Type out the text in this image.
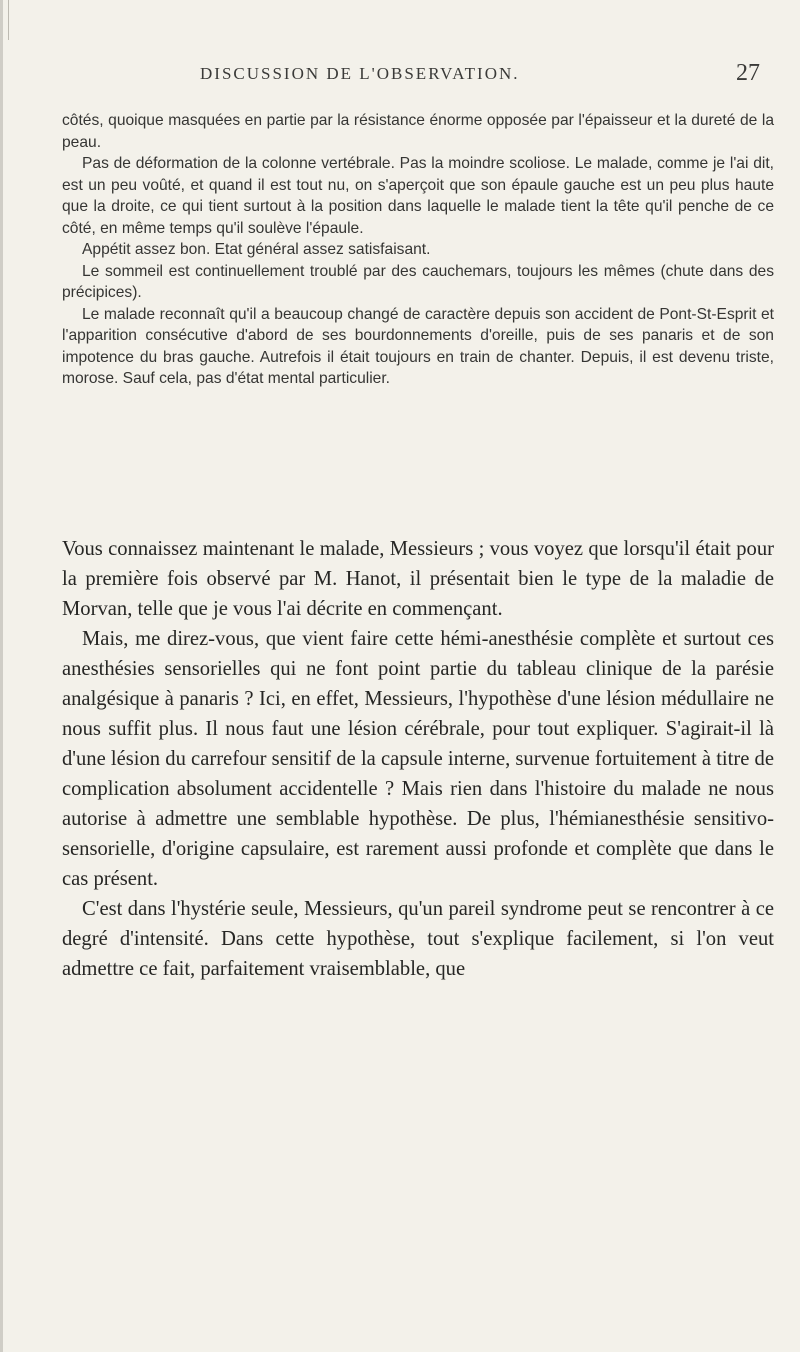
DISCUSSION DE L'OBSERVATION.	27

côtés, quoique masquées en partie par la résistance énorme opposée par l'épaisseur et la dureté de la peau.

Pas de déformation de la colonne vertébrale. Pas la moindre scoliose. Le malade, comme je l'ai dit, est un peu voûté, et quand il est tout nu, on s'aperçoit que son épaule gauche est un peu plus haute que la droite, ce qui tient surtout à la position dans laquelle le malade tient la tête qu'il penche de ce côté, en même temps qu'il soulève l'épaule.

Appétit assez bon. Etat général assez satisfaisant.

Le sommeil est continuellement troublé par des cauchemars, toujours les mêmes (chute dans des précipices).

Le malade reconnaît qu'il a beaucoup changé de caractère depuis son accident de Pont-St-Esprit et l'apparition consécutive d'abord de ses bourdonnements d'oreille, puis de ses panaris et de son impotence du bras gauche. Autrefois il était toujours en train de chanter. Depuis, il est devenu triste, morose. Sauf cela, pas d'état mental particulier.

Vous connaissez maintenant le malade, Messieurs ; vous voyez que lorsqu'il était pour la première fois observé par M. Hanot, il présentait bien le type de la maladie de Morvan, telle que je vous l'ai décrite en commençant.

Mais, me direz-vous, que vient faire cette hémi-anesthésie complète et surtout ces anesthésies sensorielles qui ne font point partie du tableau clinique de la parésie analgésique à panaris ? Ici, en effet, Messieurs, l'hypothèse d'une lésion médullaire ne nous suffit plus. Il nous faut une lésion cérébrale, pour tout expliquer. S'agirait-il là d'une lésion du carrefour sensitif de la capsule interne, survenue fortuitement à titre de complication absolument accidentelle ? Mais rien dans l'histoire du malade ne nous autorise à admettre une semblable hypothèse. De plus, l'hémianesthésie sensitivo-sensorielle, d'origine capsulaire, est rarement aussi profonde et complète que dans le cas présent.

C'est dans l'hystérie seule, Messieurs, qu'un pareil syndrome peut se rencontrer à ce degré d'intensité. Dans cette hypothèse, tout s'explique facilement, si l'on veut admettre ce fait, parfaitement vraisemblable, que
